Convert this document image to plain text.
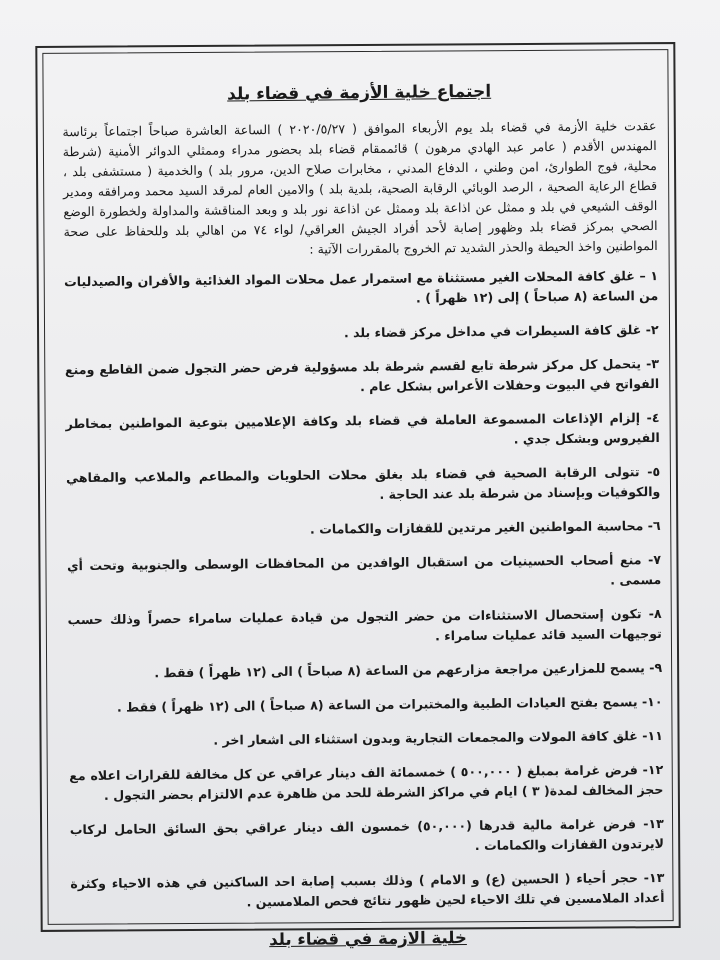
اجتماع خلية الأزمة في قضاء بلد
عقدت خلية الأزمة في قضاء بلد يوم الأربعاء الموافق ( ٢٠٢٠/٥/٢٧ ) الساعة العاشرة صباحاً اجتماعاً برئاسة المهندس الأقدم ( عامر عبد الهادي مرهون ) قائممقام قضاء بلد بحضور مدراء وممثلي الدوائر الأمنية (شرطة محلية، فوج الطوارئ، امن وطني ، الدفاع المدني ، مخابرات صلاح الدين، مرور بلد ) والخدمية ( مستشفى بلد ، قطاع الرعاية الصحية ، الرصد الوبائي الرقابة الصحية، بلدية بلد ) والامين العام لمرقد السيد محمد ومرافقه ومدير الوقف الشيعي في بلد و ممثل عن اذاعة بلد وممثل عن اذاعة نور بلد و وبعد المناقشة والمداولة ولخطورة الوضع الصحي بمركز قضاء بلد وظهور إصابة لأحد أفراد الجيش العراقي/ لواء ٧٤ من اهالي بلد وللحفاظ على صحة المواطنين واخذ الحيطة والحذر الشديد تم الخروج بالمقررات الآتية :
١ – غلق كافة المحلات الغير مستثناة مع استمرار عمل محلات المواد الغذائية والأفران والصيدليات من الساعة (٨ صباحاً ) إلى (١٢ ظهراً ) .
٢- غلق كافة السيطرات في مداخل مركز قضاء بلد .
٣- يتحمل كل مركز شرطة تابع لقسم شرطة بلد مسؤولية فرض حضر التجول ضمن القاطع ومنع الفواتح في البيوت وحفلات الأعراس بشكل عام .
٤- إلزام الإذاعات المسموعة العاملة في قضاء بلد وكافة الإعلاميين بتوعية المواطنين بمخاطر الفيروس وبشكل جدي .
٥- تتولى الرقابة الصحية في قضاء بلد بغلق محلات الحلويات والمطاعم والملاعب والمقاهي والكوفيات وبإسناد من شرطة بلد عند الحاجة .
٦- محاسبة المواطنين الغير مرتدين للقفازات والكمامات .
٧- منع أصحاب الحسينيات من استقبال الوافدين من المحافظات الوسطى والجنوبية وتحت أي مسمى .
٨- تكون إستحصال الاستثناءات من حضر التجول من قيادة عمليات سامراء حصراً وذلك حسب توجيهات السيد قائد عمليات سامراء .
٩- يسمح للمزارعين مراجعة مزارعهم من الساعة (٨ صباحاً ) الى (١٢ ظهراً ) فقط .
١٠- يسمح بفتح العيادات الطبية والمختبرات من الساعة (٨ صباحاً ) الى (١٢ ظهراً ) فقط .
١١- غلق كافة المولات والمجمعات التجارية وبدون استثناء الى اشعار اخر .
١٢- فرض غرامة بمبلغ ( ٥٠٠,٠٠٠ ) خمسمائة الف دينار عراقي عن كل مخالفة للقرارات اعلاه مع حجز المخالف لمدة( ٣ ) ايام في مراكز الشرطة للحد من ظاهرة عدم الالتزام بحضر التجول .
١٣- فرض غرامة مالية قدرها (٥٠,٠٠٠) خمسون الف دينار عراقي بحق السائق الحامل لركاب لايرتدون القفازات والكمامات .
١٣- حجر أحياء ( الحسين (ع) و الامام ) وذلك بسبب إصابة احد الساكنين في هذه الاحياء وكثرة أعداد الملامسين في تلك الاحياء لحين ظهور نتائج فحص الملامسين .
خلية الازمة في قضاء بلد
